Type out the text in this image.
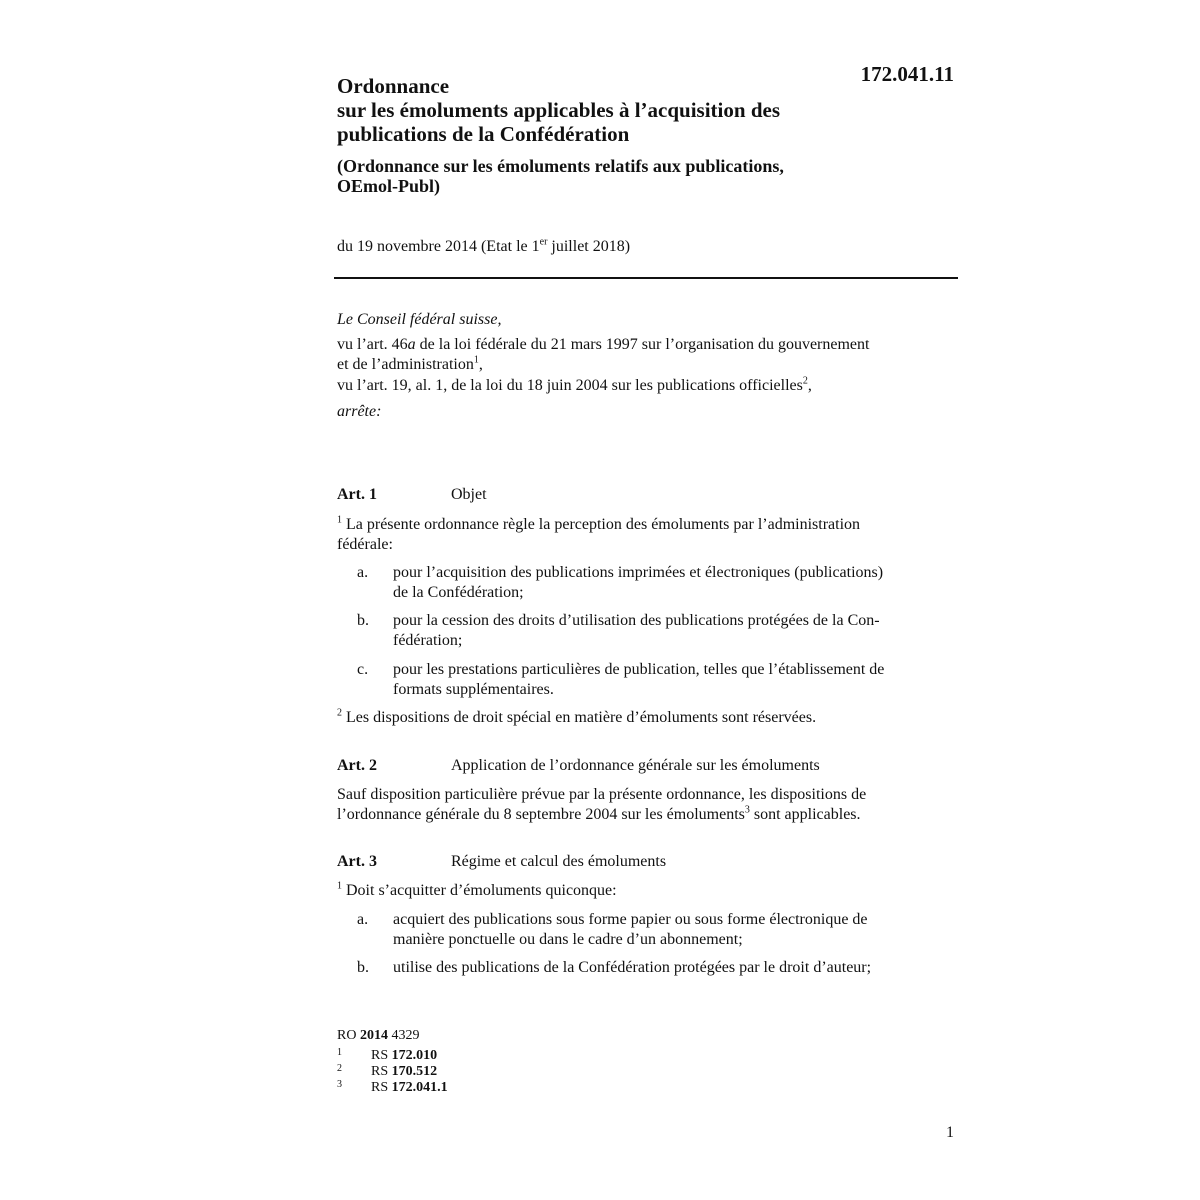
172.041.11
Ordonnance
sur les émoluments applicables à l’acquisition des
publications de la Confédération
(Ordonnance sur les émoluments relatifs aux publications,
OEmol-Publ)
du 19 novembre 2014 (Etat le 1er juillet 2018)
Le Conseil fédéral suisse,
vu l’art. 46a de la loi fédérale du 21 mars 1997 sur l’organisation du gouvernement
et de l’administration$^1$,
vu l’art. 19, al. 1, de la loi du 18 juin 2004 sur les publications officielles$^2$,
arrête:
Art. 1	Objet
$^1$ La présente ordonnance règle la perception des émoluments par l’administration
fédérale:
a. pour l’acquisition des publications imprimées et électroniques (publications)
de la Confédération;
b. pour la cession des droits d’utilisation des publications protégées de la Con-
fédération;
c. pour les prestations particulières de publication, telles que l’établissement de
formats supplémentaires.
$^2$ Les dispositions de droit spécial en matière d’émoluments sont réservées.
Art. 2	Application de l’ordonnance générale sur les émoluments
Sauf disposition particulière prévue par la présente ordonnance, les dispositions de
l’ordonnance générale du 8 septembre 2004 sur les émoluments$^3$ sont applicables.
Art. 3	Régime et calcul des émoluments
$^1$ Doit s’acquitter d’émoluments quiconque:
a. acquiert des publications sous forme papier ou sous forme électronique de
manière ponctuelle ou dans le cadre d’un abonnement;
b. utilise des publications de la Confédération protégées par le droit d’auteur;
RO 2014 4329
1 RS 172.010
2 RS 170.512
3 RS 172.041.1
1
